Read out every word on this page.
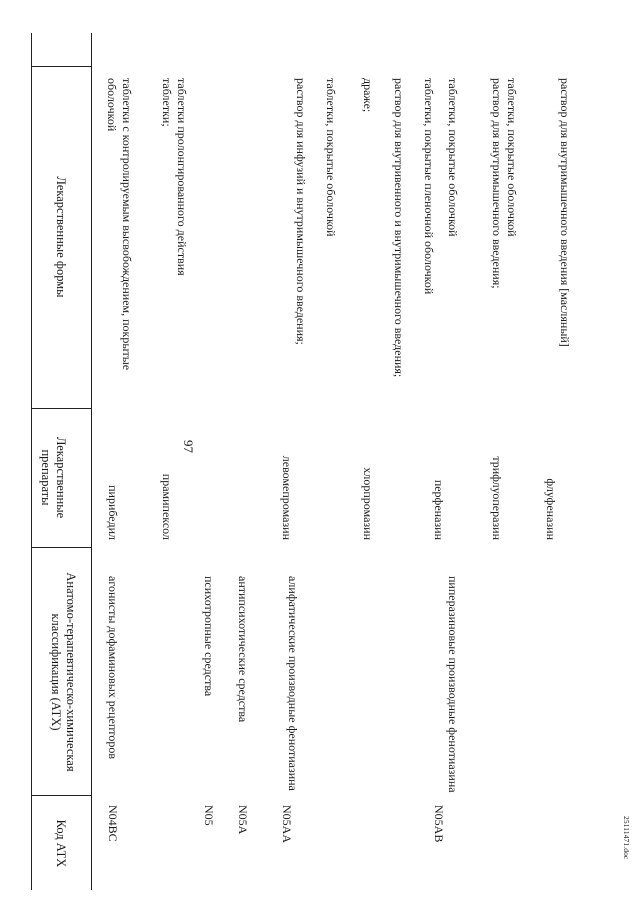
97
25111471.doc
Лекарственные формы
Лекарственные препараты
Анатомо-терапевтическо-химическая классификация (АТХ)
Код АТХ	N04BC
агонисты дофаминовых рецепторов
пирибедил
таблетки с контролируемым высвобождением, покрытые оболочкой
прамипексол
таблетки; таблетки пролонгированного действия
N05
психотропные средства
N05A
антипсихотические средства
N05AA
алифатические производные фенотиазина
левомепромазин
раствор для инфузий и внутримышечного введения; таблетки, покрытые оболочкой
хлорпромазин
драже; раствор для внутривенного и внутримышечного введения; таблетки, покрытые пленочной оболочкой
N05AB
пиперазиновые производные фенотиазина
перфеназин
таблетки, покрытые оболочкой
трифлуоперазин
раствор для внутримышечного введения; таблетки, покрытые оболочкой
флуфеназин
раствор для внутримышечного введения [масляный]
